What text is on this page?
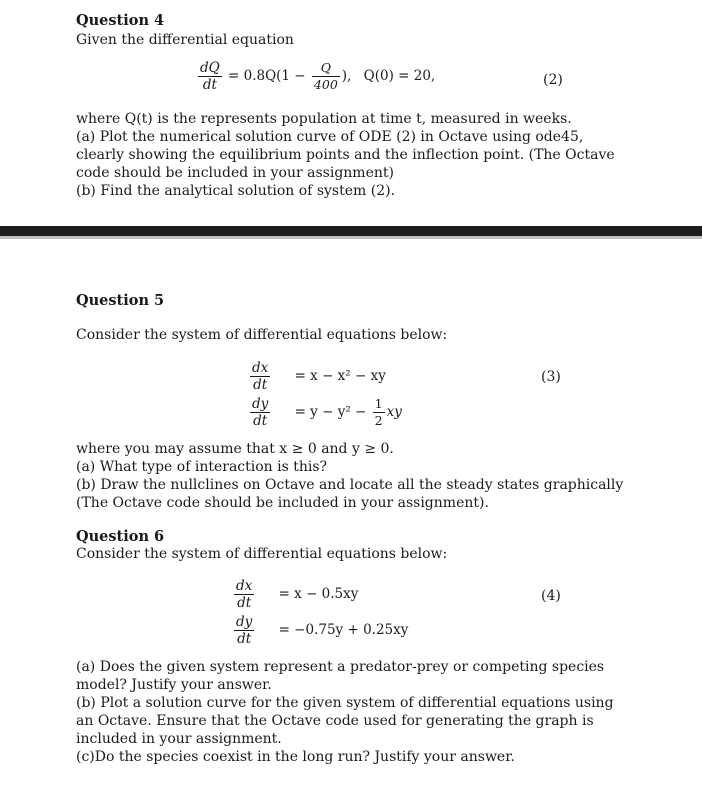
Question 4
Given the differential equation
$\frac{dQ}{dt} = 0.8Q(1 - \frac{Q}{400}$ ), Q(0) = 20,	(2)
where Q(t) is the represents population at time t, measured in weeks.
(a) Plot the numerical solution curve of ODE (2) in Octave using ode45,
clearly showing the equilibrium points and the inflection point. (The Octave
code should be included in your assignment)
(b) Find the analytical solution of system (2).
Question 5
Consider the system of differential equations below:
$\frac{dx}{dt} = x - x^2$ − xy	(3)
$\frac{dy}{dt} = y - y^2 - \frac{1}{2}$ xy
where you may assume that x ≥ 0 and y ≥ 0.
(a) What type of interaction is this?
(b) Draw the nullclines on Octave and locate all the steady states graphically
(The Octave code should be included in your assignment).
Question 6
Consider the system of differential equations below:
$\frac{dx}{dt} = x - 0.5xy$	(4)
$\frac{dy}{dt} = -0.75y + 0.25xy$
(a) Does the given system represent a predator-prey or competing species
model? Justify your answer.
(b) Plot a solution curve for the given system of differential equations using
an Octave. Ensure that the Octave code used for generating the graph is
included in your assignment.
(c)Do the species coexist in the long run? Justify your answer.
